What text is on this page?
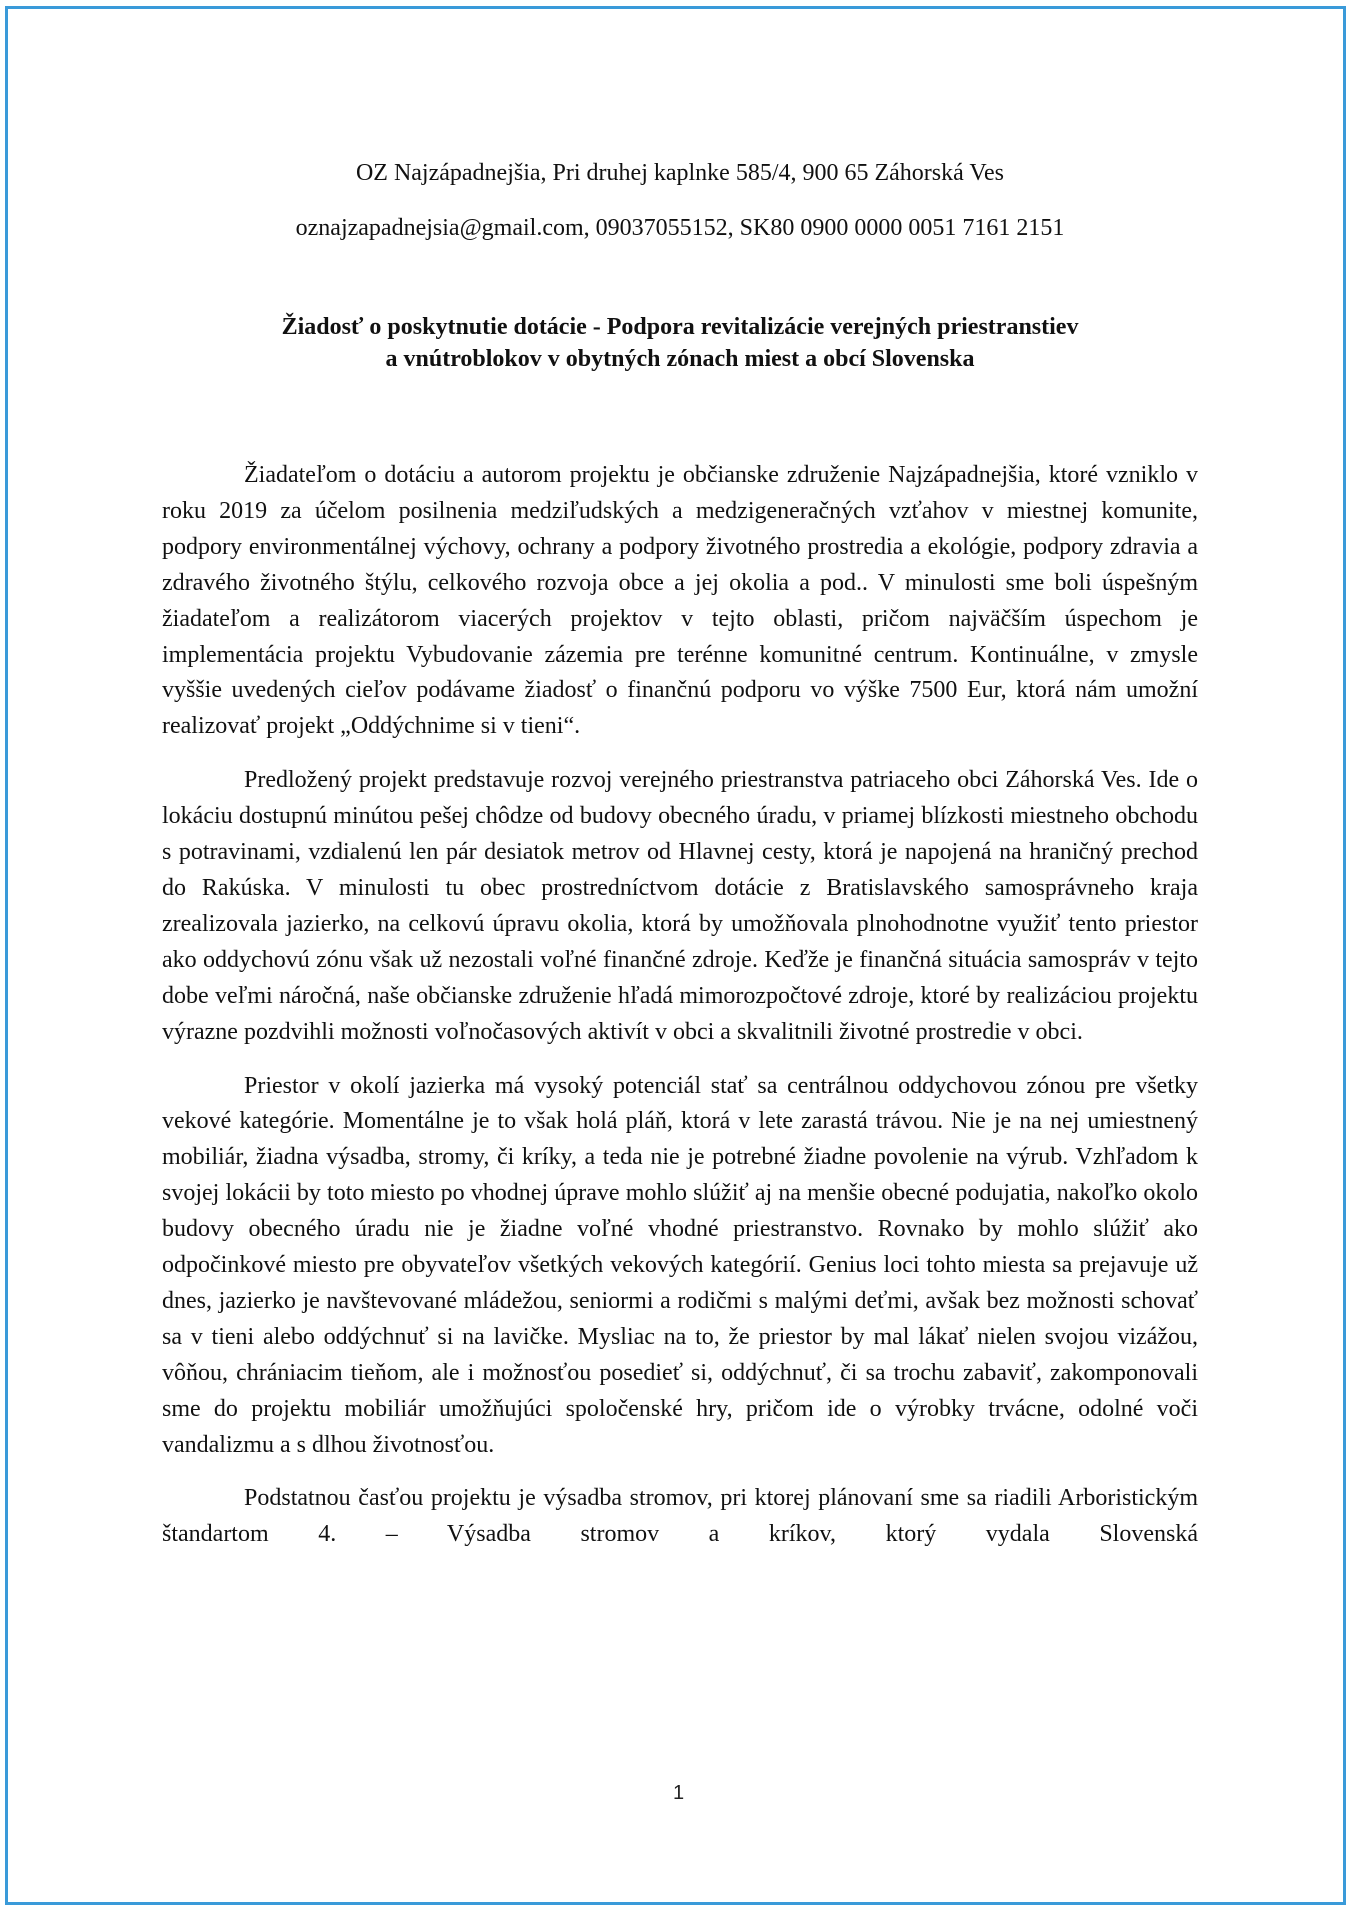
OZ Najzápadnejšia, Pri druhej kaplnke 585/4, 900 65 Záhorská Ves

oznajzapadnejsia@gmail.com, 09037055152, SK80 0900 0000 0051 7161 2151

Žiadosť o poskytnutie dotácie - Podpora revitalizácie verejných priestranstiev
a vnútroblokov v obytných zónach miest a obcí Slovenska

Žiadateľom o dotáciu a autorom projektu je občianske združenie Najzápadnejšia, ktoré vzniklo v roku 2019 za účelom posilnenia medziľudských a medzigeneračných vzťahov v miestnej komunite, podpory environmentálnej výchovy, ochrany a podpory životného prostredia a ekológie, podpory zdravia a zdravého životného štýlu, celkového rozvoja obce a jej okolia a pod.. V minulosti sme boli úspešným žiadateľom a realizátorom viacerých projektov v tejto oblasti, pričom najväčším úspechom je implementácia projektu Vybudovanie zázemia pre terénne komunitné centrum. Kontinuálne, v zmysle vyššie uvedených cieľov podávame žiadosť o finančnú podporu vo výške 7500 Eur, ktorá nám umožní realizovať projekt „Oddýchnime si v tieni“.

Predložený projekt predstavuje rozvoj verejného priestranstva patriaceho obci Záhorská Ves. Ide o lokáciu dostupnú minútou pešej chôdze od budovy obecného úradu, v priamej blízkosti miestneho obchodu s potravinami, vzdialenú len pár desiatok metrov od Hlavnej cesty, ktorá je napojená na hraničný prechod do Rakúska. V minulosti tu obec prostredníctvom dotácie z Bratislavského samosprávneho kraja zrealizovala jazierko, na celkovú úpravu okolia, ktorá by umožňovala plnohodnotne využiť tento priestor ako oddychovú zónu však už nezostali voľné finančné zdroje. Keďže je finančná situácia samospráv v tejto dobe veľmi náročná, naše občianske združenie hľadá mimorozpočtové zdroje, ktoré by realizáciou projektu výrazne pozdvihli možnosti voľnočasových aktivít v obci a skvalitnili životné prostredie v obci.

Priestor v okolí jazierka má vysoký potenciál stať sa centrálnou oddychovou zónou pre všetky vekové kategórie. Momentálne je to však holá pláň, ktorá v lete zarastá trávou. Nie je na nej umiestnený mobiliár, žiadna výsadba, stromy, či kríky, a teda nie je potrebné žiadne povolenie na výrub. Vzhľadom k svojej lokácii by toto miesto po vhodnej úprave mohlo slúžiť aj na menšie obecné podujatia, nakoľko okolo budovy obecného úradu nie je žiadne voľné vhodné priestranstvo. Rovnako by mohlo slúžiť ako odpočinkové miesto pre obyvateľov všetkých vekových kategórií. Genius loci tohto miesta sa prejavuje už dnes, jazierko je navštevované mládežou, seniormi a rodičmi s malými deťmi, avšak bez možnosti schovať sa v tieni alebo oddýchnuť si na lavičke. Mysliac na to, že priestor by mal lákať nielen svojou vizážou, vôňou, chrániacim tieňom, ale i možnosťou posedieť si, oddýchnuť, či sa trochu zabaviť, zakomponovali sme do projektu mobiliár umožňujúci spoločenské hry, pričom ide o výrobky trvácne, odolné voči vandalizmu a s dlhou životnosťou.

Podstatnou časťou projektu je výsadba stromov, pri ktorej plánovaní sme sa riadili Arboristickým štandartom 4. – Výsadba stromov a kríkov, ktorý vydala Slovenská

1
